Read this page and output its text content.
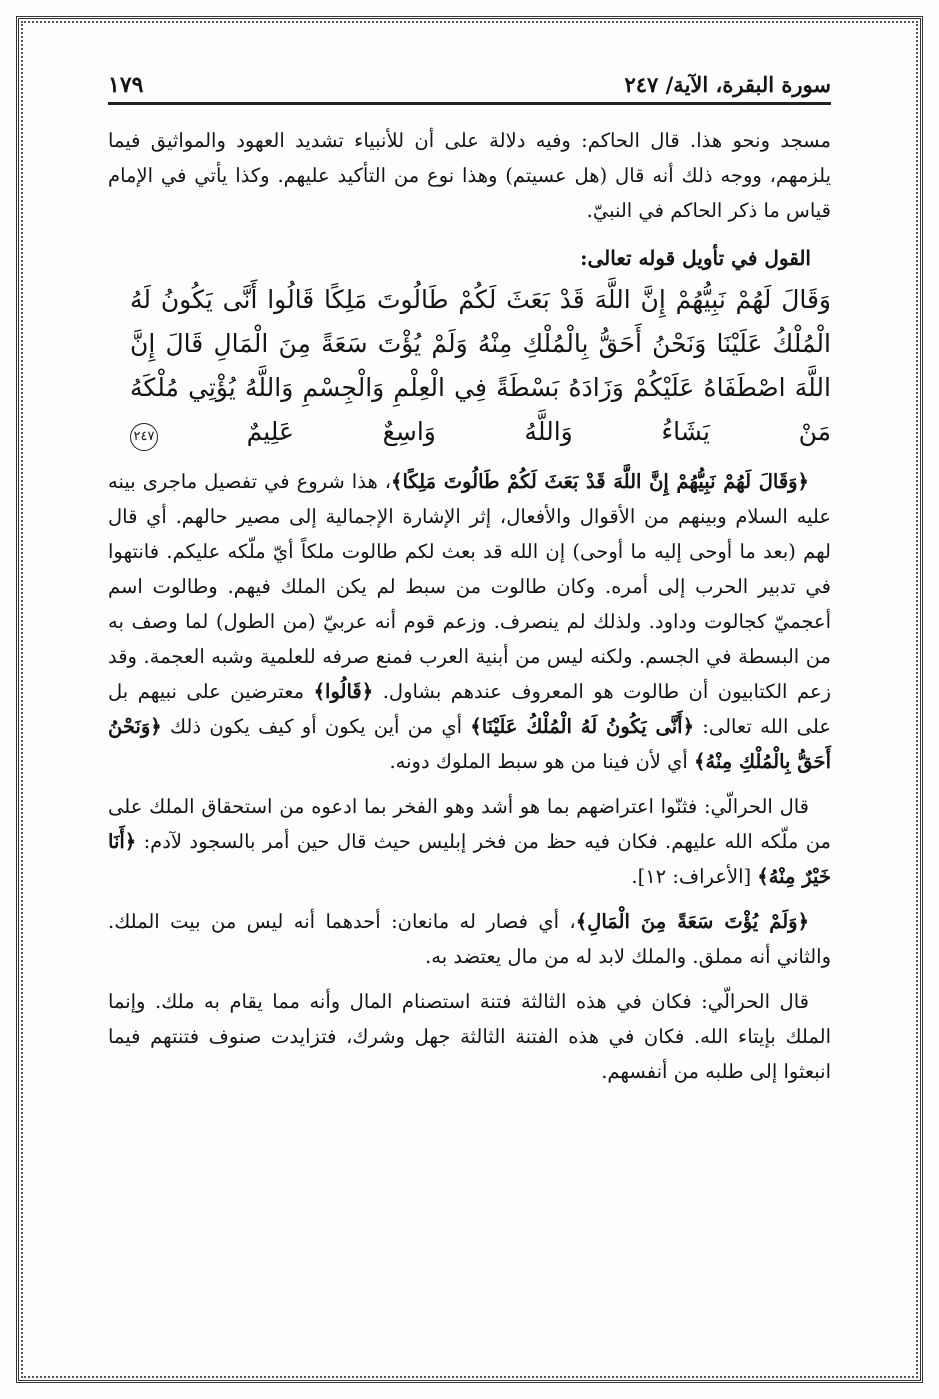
سورة البقرة، الآية/ ٢٤٧
١٧٩

مسجد ونحو هذا. قال الحاكم: وفيه دلالة على أن للأنبياء تشديد العهود والمواثيق فيما يلزمهم، ووجه ذلك أنه قال (هل عسيتم) وهذا نوع من التأكيد عليهم. وكذا يأتي في الإمام قياس ما ذكر الحاكم في النبيّ.

القول في تأويل قوله تعالى:
وَقَالَ لَهُمْ نَبِيُّهُمْ إِنَّ اللَّهَ قَدْ بَعَثَ لَكُمْ طَالُوتَ مَلِكًا قَالُوا أَنَّى يَكُونُ لَهُ الْمُلْكُ عَلَيْنَا وَنَحْنُ أَحَقُّ بِالْمُلْكِ مِنْهُ وَلَمْ يُؤْتَ سَعَةً مِنَ الْمَالِ قَالَ إِنَّ اللَّهَ اصْطَفَاهُ عَلَيْكُمْ وَزَادَهُ بَسْطَةً فِي الْعِلْمِ وَالْجِسْمِ وَاللَّهُ يُؤْتِي مُلْكَهُ مَنْ يَشَاءُ وَاللَّهُ وَاسِعٌ عَلِيمٌ ٢٤٧

﴿وَقَالَ لَهُمْ نَبِيُّهُمْ إِنَّ اللَّهَ قَدْ بَعَثَ لَكُمْ طَالُوتَ مَلِكًا﴾، هذا شروع في تفصيل ماجرى بينه عليه السلام وبينهم من الأقوال والأفعال، إثر الإشارة الإجمالية إلى مصير حالهم. أي قال لهم (بعد ما أوحى إليه ما أوحى) إن الله قد بعث لكم طالوت ملكاً أيّ ملّكه عليكم. فانتهوا في تدبير الحرب إلى أمره. وكان طالوت من سبط لم يكن الملك فيهم. وطالوت اسم أعجميّ كجالوت وداود. ولذلك لم ينصرف. وزعم قوم أنه عربيّ (من الطول) لما وصف به من البسطة في الجسم. ولكنه ليس من أبنية العرب فمنع صرفه للعلمية وشبه العجمة. وقد زعم الكتابيون أن طالوت هو المعروف عندهم بشاول. ﴿قَالُوا﴾ معترضين على نبيهم بل على الله تعالى: ﴿أَنَّى يَكُونُ لَهُ الْمُلْكُ عَلَيْنَا﴾ أي من أين يكون أو كيف يكون ذلك ﴿وَنَحْنُ أَحَقُّ بِالْمُلْكِ مِنْهُ﴾ أي لأن فينا من هو سبط الملوك دونه.

قال الحرالّي: فثنّوا اعتراضهم بما هو أشد وهو الفخر بما ادعوه من استحقاق الملك على من ملّكه الله عليهم. فكان فيه حظ من فخر إبليس حيث قال حين أمر بالسجود لآدم: ﴿أَنَا خَيْرٌ مِنْهُ﴾ [الأعراف: ١٢].

﴿وَلَمْ يُؤْتَ سَعَةً مِنَ الْمَالِ﴾، أي فصار له مانعان: أحدهما أنه ليس من بيت الملك. والثاني أنه مملق. والملك لابد له من مال يعتضد به.

قال الحرالّي: فكان في هذه الثالثة فتنة استصنام المال وأنه مما يقام به ملك. وإنما الملك بإيتاء الله. فكان في هذه الفتنة الثالثة جهل وشرك، فتزايدت صنوف فتنتهم فيما انبعثوا إلى طلبه من أنفسهم.
